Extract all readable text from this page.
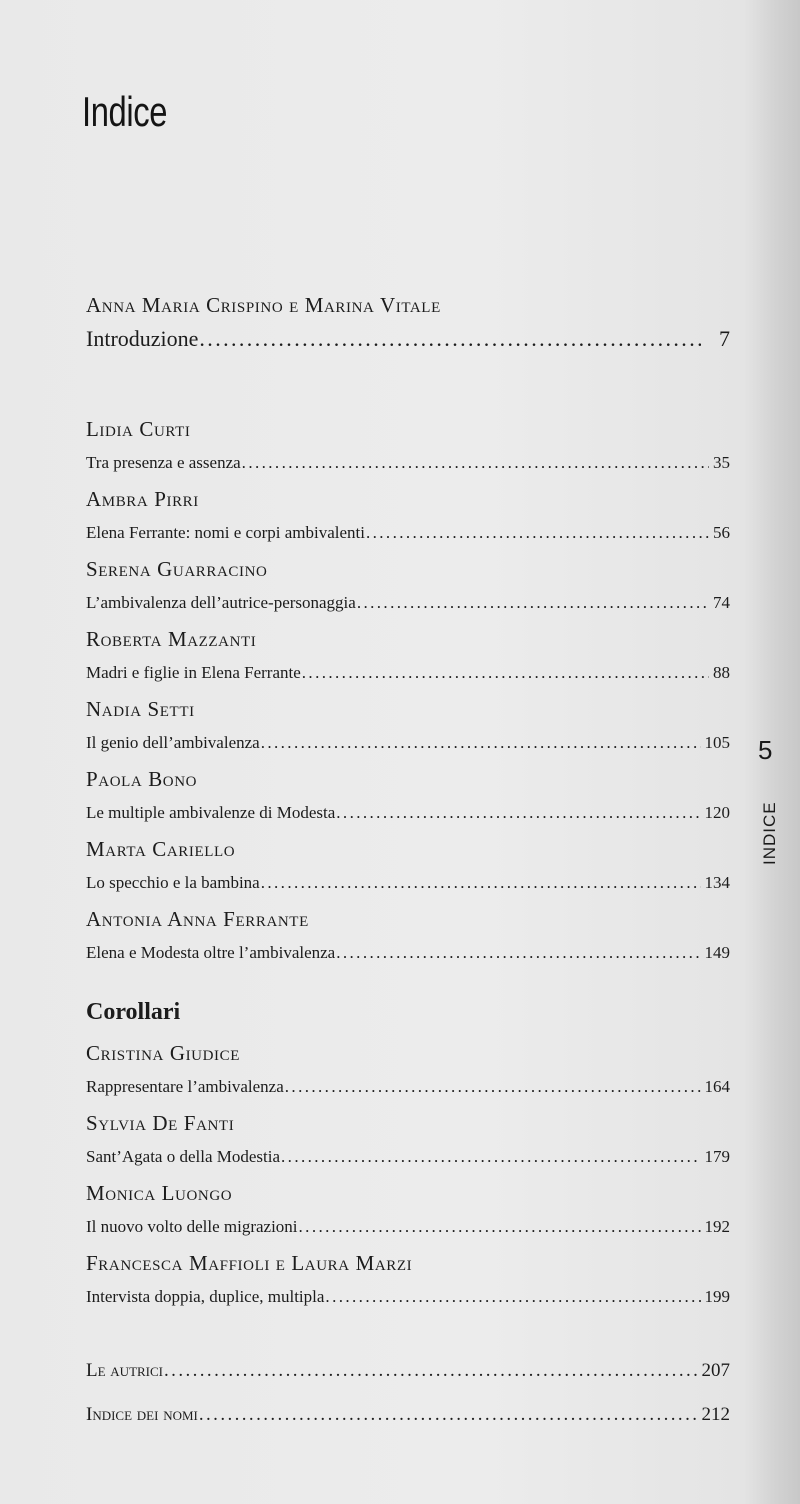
Indice
Anna Maria Crispino e Marina Vitale
Introduzione .....	7
Lidia Curti
Tra presenza e assenza .....	35
Ambra Pirri
Elena Ferrante: nomi e corpi ambivalenti .....	56
Serena Guarracino
L’ambivalenza dell’autrice-personaggia .....	74
Roberta Mazzanti
Madri e figlie in Elena Ferrante .....	88
Nadia Setti
Il genio dell’ambivalenza .....	105
Paola Bono
Le multiple ambivalenze di Modesta .....	120
Marta Cariello
Lo specchio e la bambina .....	134
Antonia Anna Ferrante
Elena e Modesta oltre l’ambivalenza .....	149
Corollari
Cristina Giudice
Rappresentare l’ambivalenza .....	164
Sylvia De Fanti
Sant’Agata o della Modestia .....	179
Monica Luongo
Il nuovo volto delle migrazioni .....	192
Francesca Maffioli e Laura Marzi
Intervista doppia, duplice, multipla .....	199
Le autrici .....	207
Indice dei nomi .....	212
5
INDICE
